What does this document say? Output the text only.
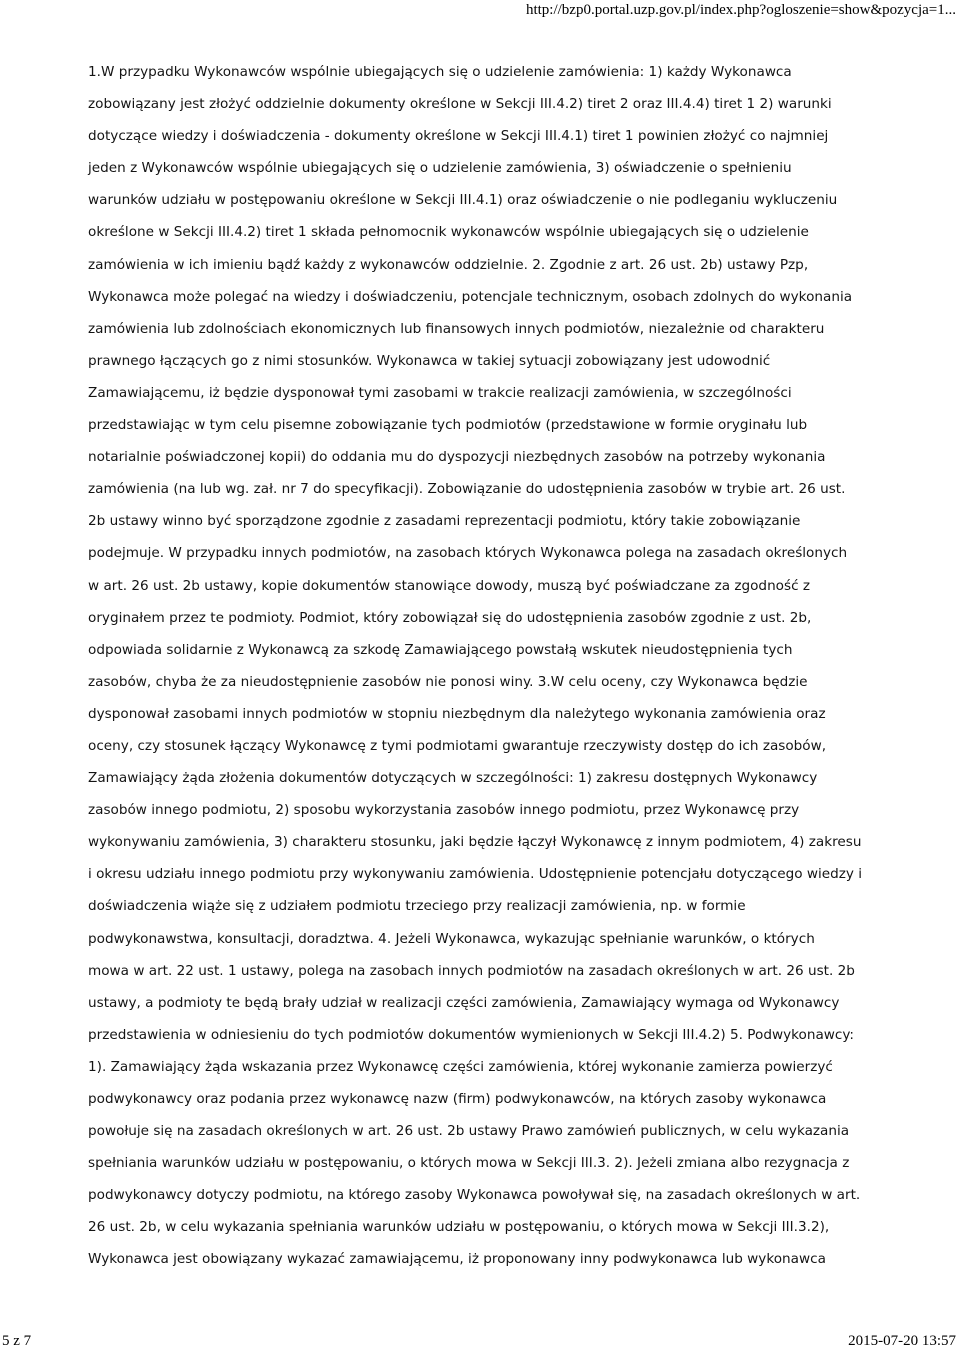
http://bzp0.portal.uzp.gov.pl/index.php?ogloszenie=show&pozycja=1...
1.W przypadku Wykonawców wspólnie ubiegających się o udzielenie zamówienia: 1) każdy Wykonawca
zobowiązany jest złożyć oddzielnie dokumenty określone w Sekcji III.4.2) tiret 2 oraz III.4.4) tiret 1 2) warunki
dotyczące wiedzy i doświadczenia - dokumenty określone w Sekcji III.4.1) tiret 1 powinien złożyć co najmniej
jeden z Wykonawców wspólnie ubiegających się o udzielenie zamówienia, 3) oświadczenie o spełnieniu
warunków udziału w postępowaniu określone w Sekcji III.4.1) oraz oświadczenie o nie podleganiu wykluczeniu
określone w Sekcji III.4.2) tiret 1 składa pełnomocnik wykonawców wspólnie ubiegających się o udzielenie
zamówienia w ich imieniu bądź każdy z wykonawców oddzielnie. 2. Zgodnie z art. 26 ust. 2b) ustawy Pzp,
Wykonawca może polegać na wiedzy i doświadczeniu, potencjale technicznym, osobach zdolnych do wykonania
zamówienia lub zdolnościach ekonomicznych lub finansowych innych podmiotów, niezależnie od charakteru
prawnego łączących go z nimi stosunków. Wykonawca w takiej sytuacji zobowiązany jest udowodnić
Zamawiającemu, iż będzie dysponował tymi zasobami w trakcie realizacji zamówienia, w szczególności
przedstawiając w tym celu pisemne zobowiązanie tych podmiotów (przedstawione w formie oryginału lub
notarialnie poświadczonej kopii) do oddania mu do dyspozycji niezbędnych zasobów na potrzeby wykonania
zamówienia (na lub wg. zał. nr 7 do specyfikacji). Zobowiązanie do udostępnienia zasobów w trybie art. 26 ust.
2b ustawy winno być sporządzone zgodnie z zasadami reprezentacji podmiotu, który takie zobowiązanie
podejmuje. W przypadku innych podmiotów, na zasobach których Wykonawca polega na zasadach określonych
w art. 26 ust. 2b ustawy, kopie dokumentów stanowiące dowody, muszą być poświadczane za zgodność z
oryginałem przez te podmioty. Podmiot, który zobowiązał się do udostępnienia zasobów zgodnie z ust. 2b,
odpowiada solidarnie z Wykonawcą za szkodę Zamawiającego powstałą wskutek nieudostępnienia tych
zasobów, chyba że za nieudostępnienie zasobów nie ponosi winy. 3.W celu oceny, czy Wykonawca będzie
dysponował zasobami innych podmiotów w stopniu niezbędnym dla należytego wykonania zamówienia oraz
oceny, czy stosunek łączący Wykonawcę z tymi podmiotami gwarantuje rzeczywisty dostęp do ich zasobów,
Zamawiający żąda złożenia dokumentów dotyczących w szczególności: 1) zakresu dostępnych Wykonawcy
zasobów innego podmiotu, 2) sposobu wykorzystania zasobów innego podmiotu, przez Wykonawcę przy
wykonywaniu zamówienia, 3) charakteru stosunku, jaki będzie łączył Wykonawcę z innym podmiotem, 4) zakresu
i okresu udziału innego podmiotu przy wykonywaniu zamówienia. Udostępnienie potencjału dotyczącego wiedzy i
doświadczenia wiąże się z udziałem podmiotu trzeciego przy realizacji zamówienia, np. w formie
podwykonawstwa, konsultacji, doradztwa. 4. Jeżeli Wykonawca, wykazując spełnianie warunków, o których
mowa w art. 22 ust. 1 ustawy, polega na zasobach innych podmiotów na zasadach określonych w art. 26 ust. 2b
ustawy, a podmioty te będą brały udział w realizacji części zamówienia, Zamawiający wymaga od Wykonawcy
przedstawienia w odniesieniu do tych podmiotów dokumentów wymienionych w Sekcji III.4.2) 5. Podwykonawcy:
1). Zamawiający żąda wskazania przez Wykonawcę części zamówienia, której wykonanie zamierza powierzyć
podwykonawcy oraz podania przez wykonawcę nazw (firm) podwykonawców, na których zasoby wykonawca
powołuje się na zasadach określonych w art. 26 ust. 2b ustawy Prawo zamówień publicznych, w celu wykazania
spełniania warunków udziału w postępowaniu, o których mowa w Sekcji III.3. 2). Jeżeli zmiana albo rezygnacja z
podwykonawcy dotyczy podmiotu, na którego zasoby Wykonawca powoływał się, na zasadach określonych w art.
26 ust. 2b, w celu wykazania spełniania warunków udziału w postępowaniu, o których mowa w Sekcji III.3.2),
Wykonawca jest obowiązany wykazać zamawiającemu, iż proponowany inny podwykonawca lub wykonawca
5 z 7	2015-07-20 13:57
